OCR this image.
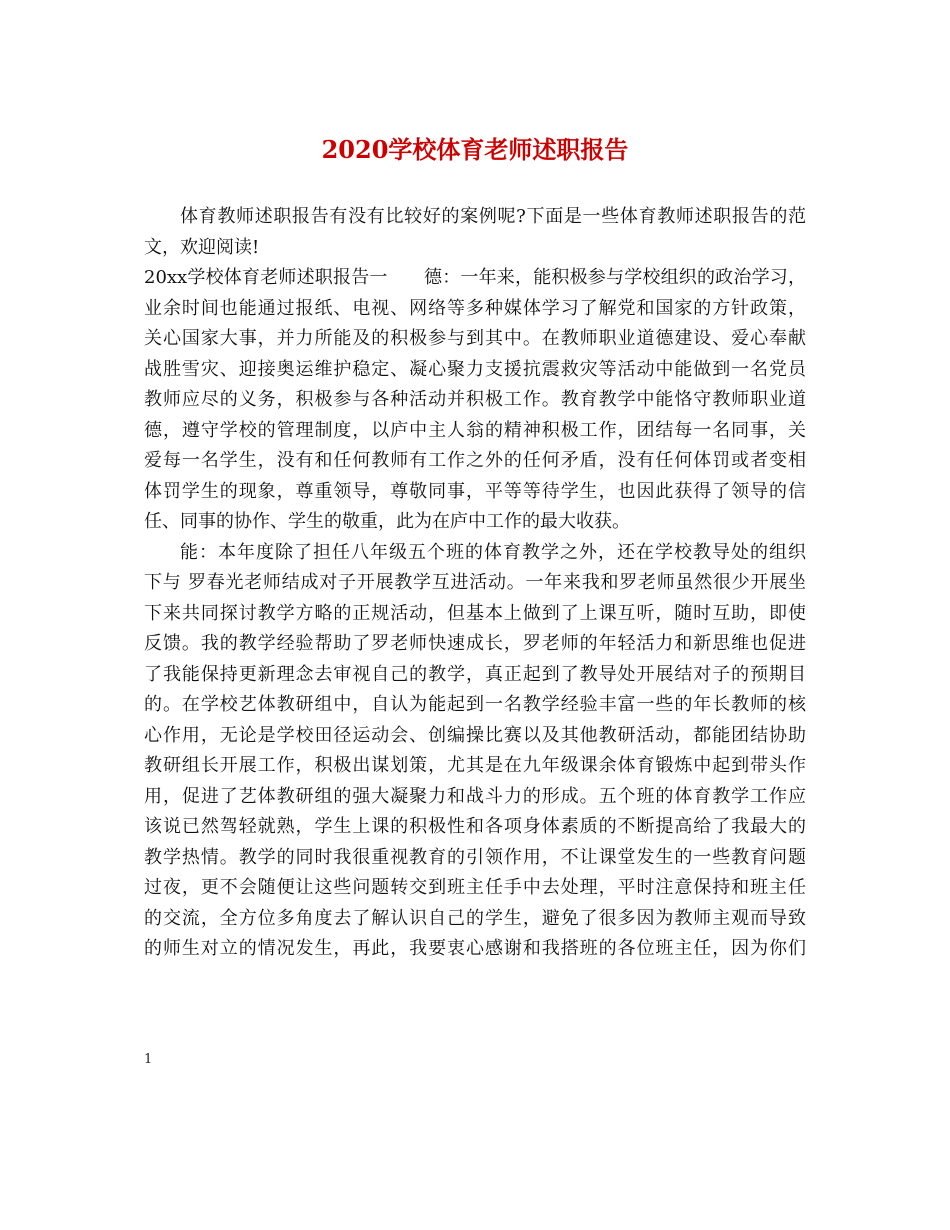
2020学校体育老师述职报告
体育教师述职报告有没有比较好的案例呢?下面是一些体育教师述职报告的范
文，欢迎阅读!
20xx学校体育老师述职报告一　　德：一年来，能积极参与学校组织的政治学习，
业余时间也能通过报纸、电视、网络等多种媒体学习了解党和国家的方针政策，
关心国家大事，并力所能及的积极参与到其中。在教师职业道德建设、爱心奉献
战胜雪灾、迎接奥运维护稳定、凝心聚力支援抗震救灾等活动中能做到一名党员
教师应尽的义务，积极参与各种活动并积极工作。教育教学中能恪守教师职业道
德，遵守学校的管理制度，以庐中主人翁的精神积极工作，团结每一名同事，关
爱每一名学生，没有和任何教师有工作之外的任何矛盾，没有任何体罚或者变相
体罚学生的现象，尊重领导，尊敬同事，平等等待学生，也因此获得了领导的信
任、同事的协作、学生的敬重，此为在庐中工作的最大收获。
能：本年度除了担任八年级五个班的体育教学之外，还在学校教导处的组织
下与 罗春光老师结成对子开展教学互进活动。一年来我和罗老师虽然很少开展坐
下来共同探讨教学方略的正规活动，但基本上做到了上课互听，随时互助，即使
反馈。我的教学经验帮助了罗老师快速成长，罗老师的年轻活力和新思维也促进
了我能保持更新理念去审视自己的教学，真正起到了教导处开展结对子的预期目
的。在学校艺体教研组中，自认为能起到一名教学经验丰富一些的年长教师的核
心作用，无论是学校田径运动会、创编操比赛以及其他教研活动，都能团结协助
教研组长开展工作，积极出谋划策，尤其是在九年级课余体育锻炼中起到带头作
用，促进了艺体教研组的强大凝聚力和战斗力的形成。五个班的体育教学工作应
该说已然驾轻就熟，学生上课的积极性和各项身体素质的不断提高给了我最大的
教学热情。教学的同时我很重视教育的引领作用，不让课堂发生的一些教育问题
过夜，更不会随便让这些问题转交到班主任手中去处理，平时注意保持和班主任
的交流，全方位多角度去了解认识自己的学生，避免了很多因为教师主观而导致
的师生对立的情况发生，再此，我要衷心感谢和我搭班的各位班主任，因为你们
1
